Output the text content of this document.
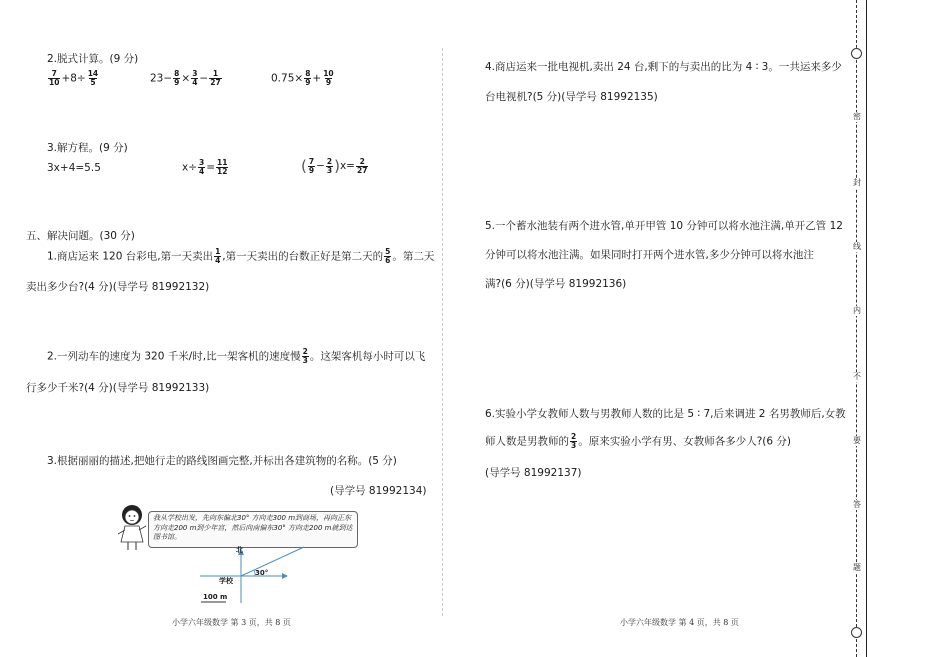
2.脱式计算。(9 分)
$\frac{7}{10} +8\div \frac{14}{5}$	$23- \frac{8}{9} \times \frac{3}{4} - \frac{1}{27}$	$0.75\times \frac{8}{9} + \frac{10}{9}$
3.解方程。(9 分)
3x+4=5.5	$x\div \frac{3}{4} = \frac{11}{12}$	( $\frac{7}{9} - \frac{2}{3} )x= \frac{2}{27}$
五、解决问题。(30 分)
1.商店运来 120 台彩电,第一天卖出 $\frac{1}{4}$ ,第一天卖出的台数正好是第二天的 $\frac{5}{6}$ 。第二天
卖出多少台?(4 分)(导学号 81992132)
2.一列动车的速度为 320 千米/时,比一架客机的速度慢 $\frac{2}{3}$ 。这架客机每小时可以飞
行多少千米?(4 分)(导学号 81992133)
3.根据丽丽的描述,把她行走的路线图画完整,并标出各建筑物的名称。(5 分)
(导学号 81992134)
我从学校出发，先向东偏北30° 方向走300 m到商场，再向正东方向走200 m到少年宫，然后向南偏东30° 方向走200 m就到达图书馆。
北
30°
学校
100 m
小学六年级数学 第 3 页，共 8 页
4.商店运来一批电视机,卖出 24 台,剩下的与卖出的比为 4 ∶ 3。一共运来多少
台电视机?(5 分)(导学号 81992135)
5.一个蓄水池装有两个进水管,单开甲管 10 分钟可以将水池注满,单开乙管 12
分钟可以将水池注满。如果同时打开两个进水管,多少分钟可以将水池注
满?(6 分)(导学号 81992136)
6.实验小学女教师人数与男教师人数的比是 5 ∶ 7,后来调进 2 名男教师后,女教
师人数是男教师的 $\frac{2}{3}$ 。原来实验小学有男、女教师各多少人?(6 分)
(导学号 81992137)
小学六年级数学 第 4 页，共 8 页
密
封
线
内
不
要
答
题
